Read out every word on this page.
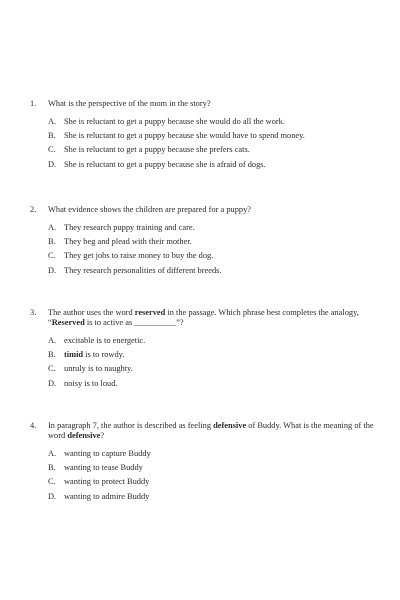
1.	What is the perspective of the mom in the story?
A. She is reluctant to get a puppy because she would do all the work.
B. She is reluctant to get a puppy because she would have to spend money.
C. She is reluctant to get a puppy because she prefers cats.
D. She is reluctant to get a puppy because she is afraid of dogs.
2.	What evidence shows the children are prepared for a puppy?
A. They research puppy training and care.
B. They beg and plead with their mother.
C. They get jobs to raise money to buy the dog.
D. They research personalities of different breeds.
3.	The author uses the word reserved in the passage. Which phrase best completes the analogy, “Reserved is to active as __________”?
A. excitable is to energetic.
B. timid is to rowdy.
C. unruly is to naughty.
D. noisy is to loud.
4.	In paragraph 7, the author is described as feeling defensive of Buddy. What is the meaning of the word defensive?
A. wanting to capture Buddy
B. wanting to tease Buddy
C. wanting to protect Buddy
D. wanting to admire Buddy
